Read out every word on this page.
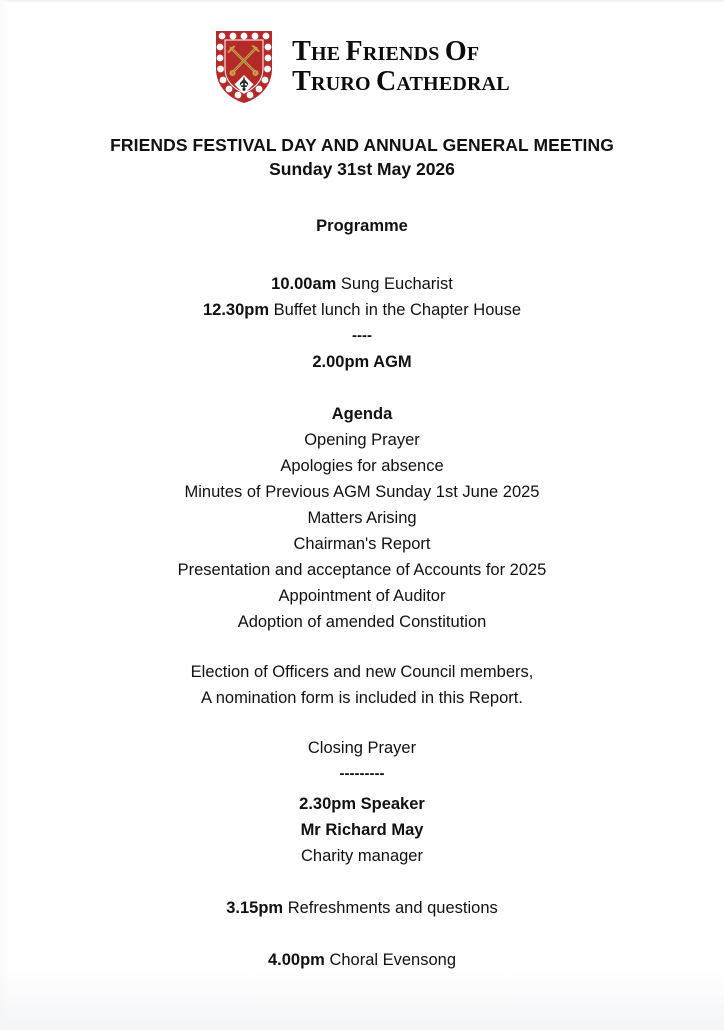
THE FRIENDS OF
TRURO CATHEDRAL
FRIENDS FESTIVAL DAY AND ANNUAL GENERAL MEETING
Sunday 31st May 2026
Programme
10.00am Sung Eucharist
12.30pm Buffet lunch in the Chapter House
----
2.00pm AGM
Agenda
Opening Prayer
Apologies for absence
Minutes of Previous AGM Sunday 1st June 2025
Matters Arising
Chairman's Report
Presentation and acceptance of Accounts for 2025
Appointment of Auditor
Adoption of amended Constitution
Election of Officers and new Council members,
A nomination form is included in this Report.
Closing Prayer
---------
2.30pm Speaker
Mr Richard May
Charity manager
3.15pm Refreshments and questions
4.00pm Choral Evensong
